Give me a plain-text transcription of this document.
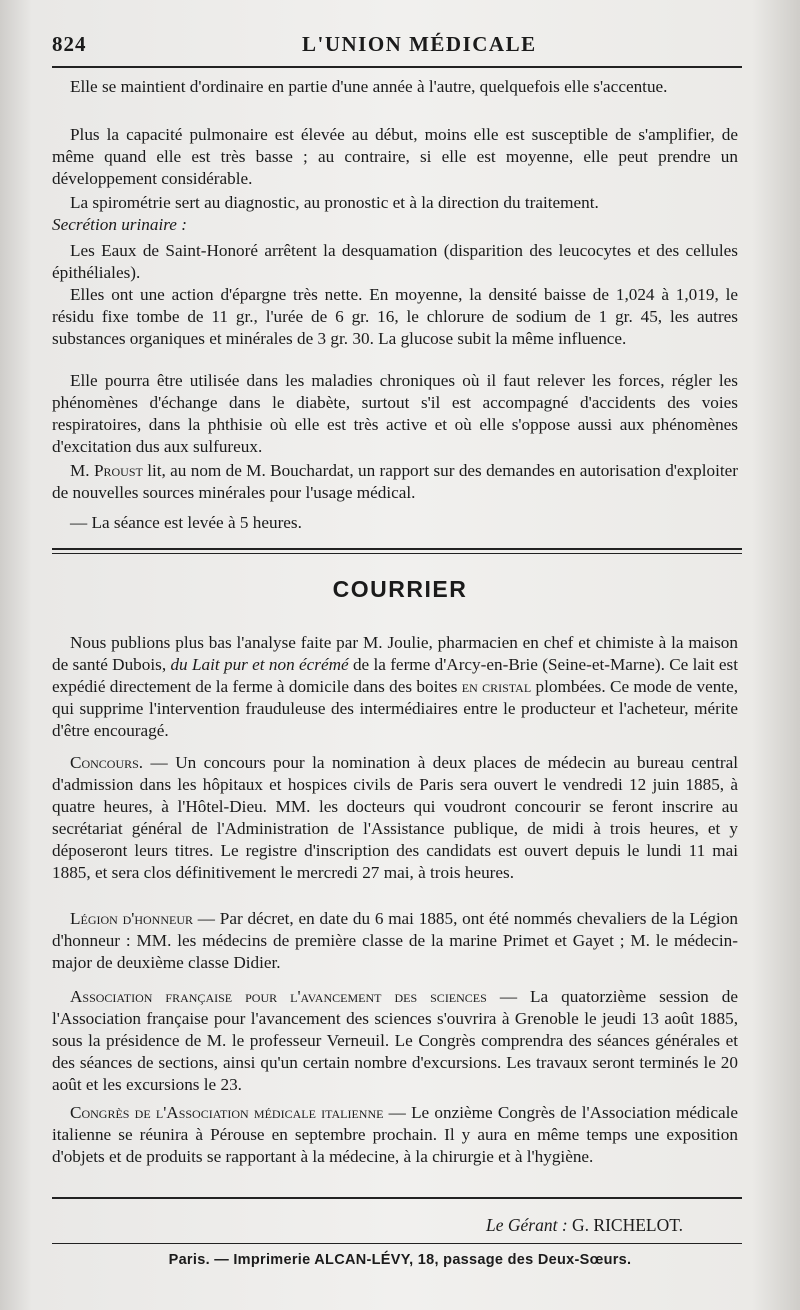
824	L'UNION MÉDICALE

Elle se maintient d'ordinaire en partie d'une année à l'autre, quelquefois elle s'accentue.

Plus la capacité pulmonaire est élevée au début, moins elle est susceptible de s'amplifier, de même quand elle est très basse ; au contraire, si elle est moyenne, elle peut prendre un développement considérable.

La spirométrie sert au diagnostic, au pronostic et à la direction du traitement.

Secrétion urinaire :

Les Eaux de Saint-Honoré arrêtent la desquamation (disparition des leucocytes et des cellules épithéliales).

Elles ont une action d'épargne très nette. En moyenne, la densité baisse de 1,024 à 1,019, le résidu fixe tombe de 11 gr., l'urée de 6 gr. 16, le chlorure de sodium de 1 gr. 45, les autres substances organiques et minérales de 3 gr. 30. La glucose subit la même influence.

Elle pourra être utilisée dans les maladies chroniques où il faut relever les forces, régler les phénomènes d'échange dans le diabète, surtout s'il est accompagné d'accidents des voies respiratoires, dans la phthisie où elle est très active et où elle s'oppose aussi aux phénomènes d'excitation dus aux sulfureux.

M. Proust lit, au nom de M. Bouchardat, un rapport sur des demandes en autorisation d'exploiter de nouvelles sources minérales pour l'usage médical.

— La séance est levée à 5 heures.

COURRIER

Nous publions plus bas l'analyse faite par M. Joulie, pharmacien en chef et chimiste à la maison de santé Dubois, du Lait pur et non écrémé de la ferme d'Arcy-en-Brie (Seine-et-Marne). Ce lait est expédié directement de la ferme à domicile dans des boites en cristal plombées. Ce mode de vente, qui supprime l'intervention frauduleuse des intermédiaires entre le producteur et l'acheteur, mérite d'être encouragé.

Concours. — Un concours pour la nomination à deux places de médecin au bureau central d'admission dans les hôpitaux et hospices civils de Paris sera ouvert le vendredi 12 juin 1885, à quatre heures, à l'Hôtel-Dieu. MM. les docteurs qui voudront concourir se feront inscrire au secrétariat général de l'Administration de l'Assistance publique, de midi à trois heures, et y déposeront leurs titres. Le registre d'inscription des candidats est ouvert depuis le lundi 11 mai 1885, et sera clos définitivement le mercredi 27 mai, à trois heures.

Légion d'honneur — Par décret, en date du 6 mai 1885, ont été nommés chevaliers de la Légion d'honneur : MM. les médecins de première classe de la marine Primet et Gayet ; M. le médecin-major de deuxième classe Didier.

Association française pour l'avancement des sciences — La quatorzième session de l'Association française pour l'avancement des sciences s'ouvrira à Grenoble le jeudi 13 août 1885, sous la présidence de M. le professeur Verneuil. Le Congrès comprendra des séances générales et des séances de sections, ainsi qu'un certain nombre d'excursions. Les travaux seront terminés le 20 août et les excursions le 23.

Congrès de l'Association médicale italienne — Le onzième Congrès de l'Association médicale italienne se réunira à Pérouse en septembre prochain. Il y aura en même temps une exposition d'objets et de produits se rapportant à la médecine, à la chirurgie et à l'hygiène.

Le Gérant : G. RICHELOT.
Paris. — Imprimerie ALCAN-LÉVY, 18, passage des Deux-Sœurs.
